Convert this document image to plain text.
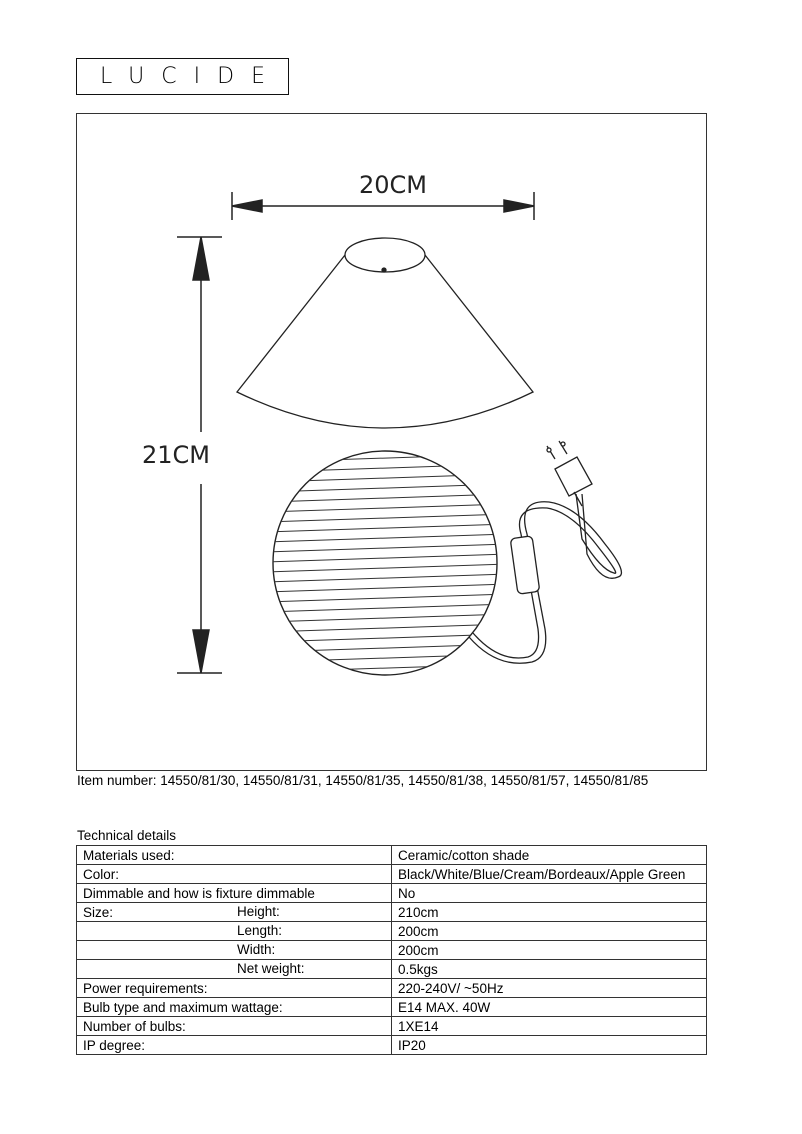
LUCIDE
20CM
21CM
Item number: 14550/81/30, 14550/81/31, 14550/81/35, 14550/81/38, 14550/81/57, 14550/81/85
Technical details
Materials used:	Ceramic/cotton shade
Color:	Black/White/Blue/Cream/Bordeaux/Apple Green
Dimmable and how is fixture dimmable	No
Size: Height:	210cm

Length:	200cm

Width:	200cm

Net weight:	0.5kgs
Power requirements:	220-240V/ ~50Hz
Bulb type and maximum wattage:	E14 MAX. 40W
Number of bulbs:	1XE14
IP degree:	IP20
